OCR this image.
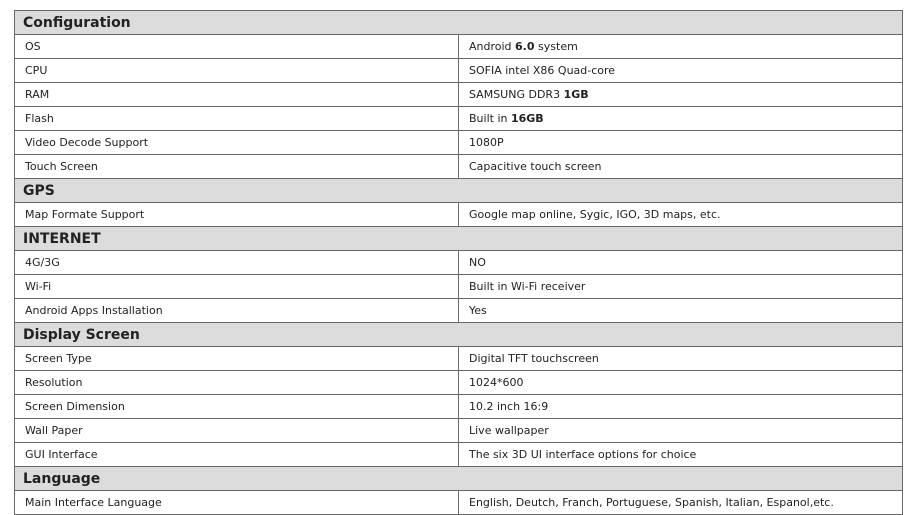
Configuration	
OS	Android 6.0 system
CPU	SOFIA intel X86 Quad-core
RAM	SAMSUNG DDR3 1GB
Flash	Built in 16GB
Video Decode Support	1080P
Touch Screen	Capacitive touch screen
GPS	
Map Formate Support	Google map online, Sygic, IGO, 3D maps, etc.
INTERNET	
4G/3G	NO
Wi-Fi	Built in Wi-Fi receiver
Android Apps Installation	Yes
Display Screen	
Screen Type	Digital TFT touchscreen
Resolution	1024*600
Screen Dimension	10.2 inch 16:9
Wall Paper	Live wallpaper
GUI Interface	The six 3D UI interface options for choice
Language	
Main Interface Language	English, Deutch, Franch, Portuguese, Spanish, Italian, Espanol,etc.
